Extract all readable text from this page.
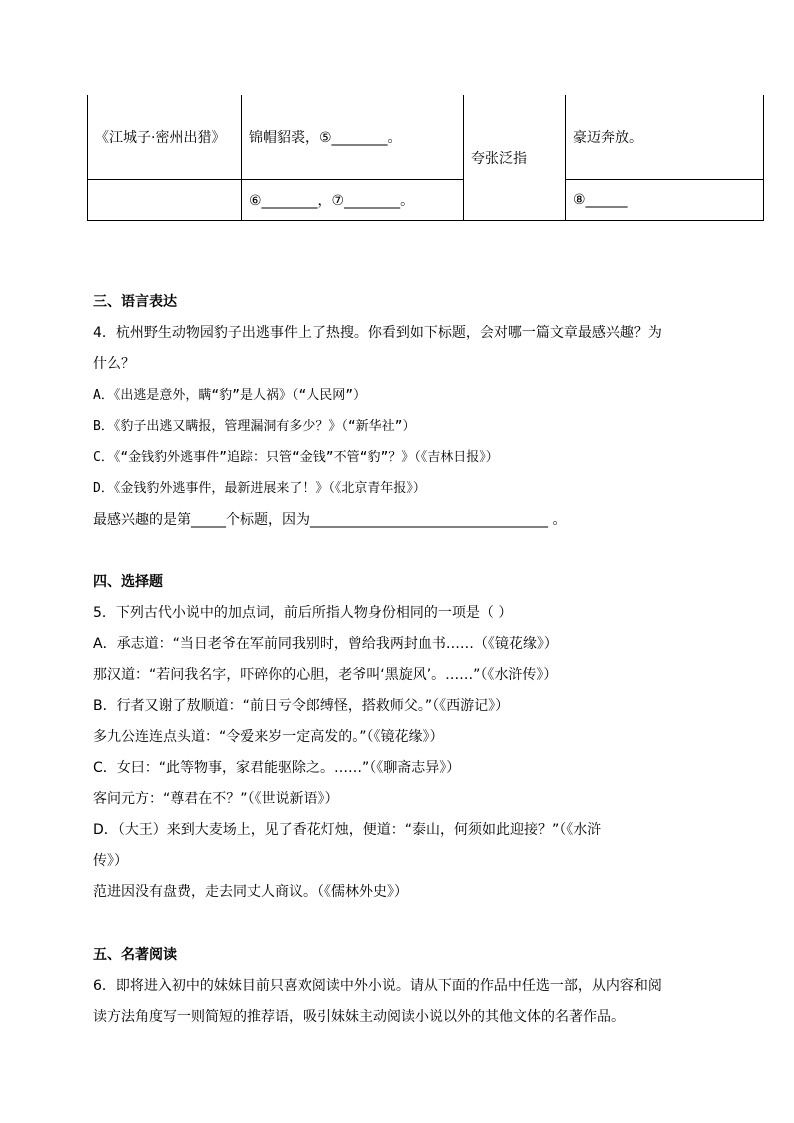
《江城子·密州出猎》	锦帽貂裘，⑤________。	夸张泛指	豪迈奔放。
	⑥________，⑦________。		⑧______
三、语言表达
4．杭州野生动物园豹子出逃事件上了热搜。你看到如下标题，会对哪一篇文章最感兴趣？为
什么？
A．《出逃是意外，瞒“豹”是人祸》（“人民网”）
B．《豹子出逃又瞒报，管理漏洞有多少？》（“新华社”）
C．《“金钱豹外逃事件”追踪：只管“金钱”不管“豹”？》（《吉林日报》）
D．《金钱豹外逃事件，最新进展来了！》（《北京青年报》）
最感兴趣的是第_____个标题，因为__________________________________ 。
四、选择题
5．下列古代小说中的加点词，前后所指人物身份相同的一项是（ ）
A．承志道：“当日老爷在军前同我别时，曾给我两封血书……（《镜花缘》）
那汉道：“若问我名字，吓碎你的心胆，老爷叫‘黑旋风’。……”（《水浒传》）
B．行者又谢了敖顺道：“前日亏令郎缚怪，搭救师父。”（《西游记》）
多九公连连点头道：“令爱来岁一定高发的。”（《镜花缘》）
C．女曰：“此等物事，家君能驱除之。……”（《聊斋志异》）
客问元方：“尊君在不？”（《世说新语》）
D．（大王）来到大麦场上，见了香花灯烛，便道：“泰山，何须如此迎接？”（《水浒
传》）
范进因没有盘费，走去同丈人商议。（《儒林外史》）
五、名著阅读
6．即将进入初中的妹妹目前只喜欢阅读中外小说。请从下面的作品中任选一部，从内容和阅
读方法角度写一则简短的推荐语，吸引妹妹主动阅读小说以外的其他文体的名著作品。
